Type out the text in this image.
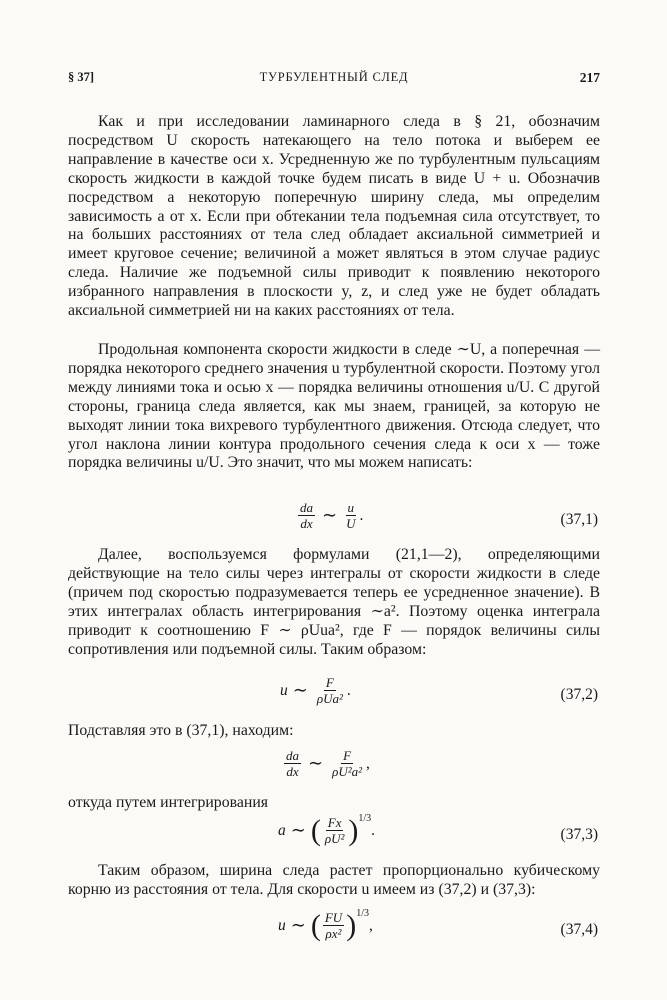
§ 37]	ТУРБУЛЕНТНЫЙ СЛЕД	217

Как и при исследовании ламинарного следа в § 21, обозначим посредством U скорость натекающего на тело потока и выберем ее направление в качестве оси x. Усредненную же по турбулентным пульсациям скорость жидкости в каждой точке будем писать в виде U + u. Обозначив посредством a некоторую поперечную ширину следа, мы определим зависимость a от x. Если при обтекании тела подъемная сила отсутствует, то на больших расстояниях от тела след обладает аксиальной симметрией и имеет круговое сечение; величиной a может являться в этом случае радиус следа. Наличие же подъемной силы приводит к появлению некоторого избранного направления в плоскости y, z, и след уже не будет обладать аксиальной симметрией ни на каких расстояниях от тела.

Продольная компонента скорости жидкости в следе ∼U, а поперечная — порядка некоторого среднего значения u турбулентной скорости. Поэтому угол между линиями тока и осью x — порядка величины отношения u/U. С другой стороны, граница следа является, как мы знаем, границей, за которую не выходят линии тока вихревого турбулентного движения. Отсюда следует, что угол наклона линии контура продольного сечения следа к оси x — тоже порядка величины u/U. Это значит, что мы можем написать:

$\frac{da}{dx}$ ∼ $\frac{u}{U}$ .	(37,1)

Далее, воспользуемся формулами (21,1—2), определяющими действующие на тело силы через интегралы от скорости жидкости в следе (причем под скоростью подразумевается теперь ее усредненное значение). В этих интегралах область интегрирования ∼a². Поэтому оценка интеграла приводит к соотношению F ∼ ρUua², где F — порядок величины силы сопротивления или подъемной силы. Таким образом:

u ∼ $\frac{F}{\text{ρUa²}}$ .	(37,2)

Подставляя это в (37,1), находим:

$\frac{da}{dx}$ ∼ $\frac{F}{\text{ρU²a²}}$ ,

откуда путем интегрирования

a ∼ ( $\frac{Fx}{\text{ρU²}}$ ) 1/3
.	(37,3)

Таким образом, ширина следа растет пропорционально кубическому корню из расстояния от тела. Для скорости u имеем из (37,2) и (37,3):

u ∼ ( $\frac{FU}{\text{ρx²}}$ ) 1/3
,	(37,4)
